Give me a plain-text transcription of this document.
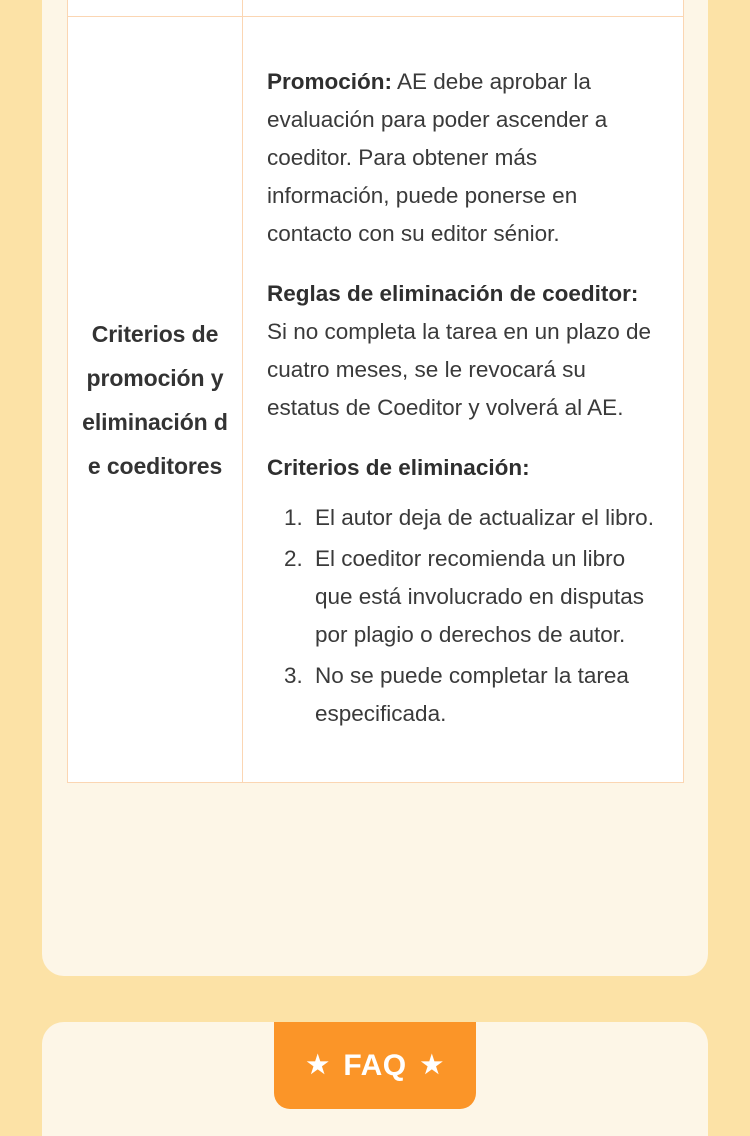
Criterios de promoción y eliminación de coeditores	

Promoción: AE debe aprobar la evaluación para poder ascender a coeditor. Para obtener más información, puede ponerse en contacto con su editor sénior.

Reglas de eliminación de coeditor: Si no completa la tarea en un plazo de cuatro meses, se le revocará su estatus de Coeditor y volverá al AE.

Criterios de eliminación:

1. El autor deja de actualizar el libro.
2. El coeditor recomienda un libro que está involucrado en disputas por plagio o derechos de autor.
3. No se puede completar la tarea especificada.
★ FAQ ★
